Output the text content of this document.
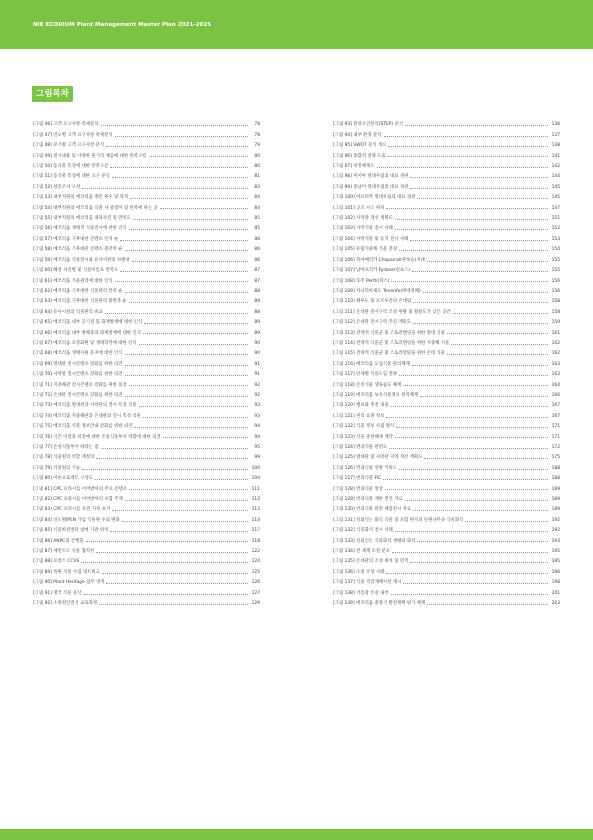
NIE ECORIUM Plant Management Master Plan 2021-2025
그림목차
[그림 46] 고객 요구사항 측세분석	78
[그림 47] 연도별 고객 요구사항 측세분석	78
[그림 48] 분기별 고객 요구사항 분석	79
[그림 49] 전시내용 및 다양한 볼거리 제공에 대한 만족구름	80
[그림 50] 동식물 특징에 대한 만족구름	80
[그림 51] 동식물 특징에 대한 요구 분석	81
[그림 52] 설문조사 구성	83
[그림 53] 내부직원의 에코리움 방문 횟수 및 목적	84
[그림 54] 내부직원의 에코리움 식물 사 중점이 및 만족에 따는 곳	84
[그림 55] 내부직원의 에코리움 제목사진 및 만족도	85
[그림 56] 에코리움 생태적 식물전시에 관한 인식	85
[그림 57] 에코리움 기후대관 콘텐츠 인지 순	86
[그림 58] 에코리움 기후대관 콘텐츠 불만족 순	86
[그림 59] 에코리움 식물전시와 유사이관의 차별성	86
[그림 60] 해설 사진별 및 식물이름표 만족도	87
[그림 61] 에코리움 식물관리에 대한 인식	87
[그림 62] 에코리움 기후대관 식물관리 만족 순	88
[그림 63] 에코리움 기후대관 식물관리 불만족 순	88
[그림 64] 유사시설의 식물관리 비교	88
[그림 65] 에코리움 내부 공기질 및 화재방재에 대한 인식	89
[그림 66] 에코리움 내부 병해충과 화재방제에 대한 인식	89
[그림 67] 에코리움 포장화원 및 생태학연에 대한 인식	90
[그림 68] 에코리움 생태자원 유지에 대한 인식	90
[그림 69] 열대관 전시콘텐츠 강화를 위한 의견	91
[그림 70] 사막관 전시콘텐츠 강화를 위한 의견	91
[그림 71] 지중해관 전시콘텐츠 강화를 위한 의견	92
[그림 72] 온대관 전시콘텐츠 강화를 위한 의견	92
[그림 73] 에코리움 열대관과 사막관의 전시 특징 식물	93
[그림 74] 에코리움 지중해관과 온대관의 전시 특징 식물	93
[그림 75] 에코리움 식물 정보안내 강화를 위한 의견	94
[그림 76] 기존 이전과 비전에 대한 온실식물부서 역할에 대한 의견	94
[그림 77] 온실식물부서 바라는 점	95
[그림 78] 식물원의 역할 재정의	99
[그림 79] 식물원의 기능	100
[그림 80] 이론프로젝트 구상도	104
[그림 81] CPC 프라시를 이어받아의 주요 콘텐츠	111
[그림 82] CPC 프라시를 이어받아의 포함 주제	112
[그림 83] CPC 프라시를 보전 지정 표지	113
[그림 84] 연도별IPEN 가입 식물원 수의 변화	114
[그림 85] 식물바전센터 참여 기관 위치	117
[그림 86] ANPC의 간행물	118
[그림 87] 세빈트드 식물 협력선	122
[그림 88] 프랑스 CCVS	124
[그림 89] 목원 식물 수집 네트워크	125
[그림 90] Plant Heritage 업무 영역	126
[그림 91] 명국 식물 유산	127
[그림 92] 소위원인전기 교육과정	129
[그림 93] 환경요인분석(STEP) 분석	136
[그림 94] 내부 환경 분석	137
[그림 95] SWOT 분석 개요	138
[그림 96] 종합적 전략 도출	141
[그림 97] 비전체계도	142
[그림 98] 미서아 열대우림의 대표 경관	144
[그림 99] 중남미 열대우림의 대표 경관	145
[그림 100] 아프리카 열대우림의 대표 경관	145
[그림 101] 공조 시스 위치	147
[그림 102] 사막관 개선 계획도	151
[그림 103] 사막식물 전시 사례	152
[그림 104] 사막식물 및 동지 전시 사례	153
[그림 105] 유럽지중해 식물 전경	154
[그림 106] 북아메리카 Chaparral(관목숲)지대	155
[그림 107] 남아프리카 Fynbos(핀보스)	155
[그림 108] 호주 Perth(퍼스)	156
[그림 109] 카나리아제도 Tenerife(테네리페)	156
[그림 110] 폐루도 및 포르투갈의 온대림	158
[그림 111] 온대관 전시구역 조성 현황 및 활용도가 낮은 공간	158
[그림 112] 온대관 전시구역 추진 계획도	159
[그림 113] 전략적 식물군 및 스토리텔링을 위한 열대 식물	161
[그림 114] 전략적 식물군 및 스토리텔링을 위한 지중해 식물	162
[그림 115] 전략적 식물군 및 스토리텔링을 위한 온대 식물	162
[그림 116] 에코리움 도입식물 관리체계	163
[그림 117] 단계별 식물도입 전략	163
[그림 118] 온실식물 생육습도 체계	164
[그림 119] 에코리움 보유식물정보 관리체계	166
[그림 120] 행보와 추진 내용	167
[그림 121] 관리 표찰 정보	167
[그림 122] 식물 정보 수집 양식	171
[그림 123] 식물 증설해제 계약	171
[그림 124] 번과식물 관련도	172
[그림 125] 열대관 및 사막관 지역 개선 계획도	175
[그림 126] 번과식물 연판 키워드	188
[그림 127] 번과식물 FIC	188
[그림 128] 번과식물 영상	189
[그림 129] 번과식물 재판 전연 자료	189
[그림 130] 번과식물 관련 체험전시 자료	189
[그림 131] 실외인는 화석 식물 및 포함 원지의 단원나무속 식물화석	192
[그림 132] 식물화석 전시 사례	192
[그림 133] 실외인는 식물화석 생태와 화석	193
[그림 134] 전 세계 소절 분포	195
[그림 135] 온대관의 조성 위치 및 면적	195
[그림 136] 소절 조성 사례	196
[그림 137] 식물 격리재배시설 계시	198
[그림 138] 거름장 온실 내부	201
[그림 139] 에코리움 중장기 발전계획 평가 체계	203
